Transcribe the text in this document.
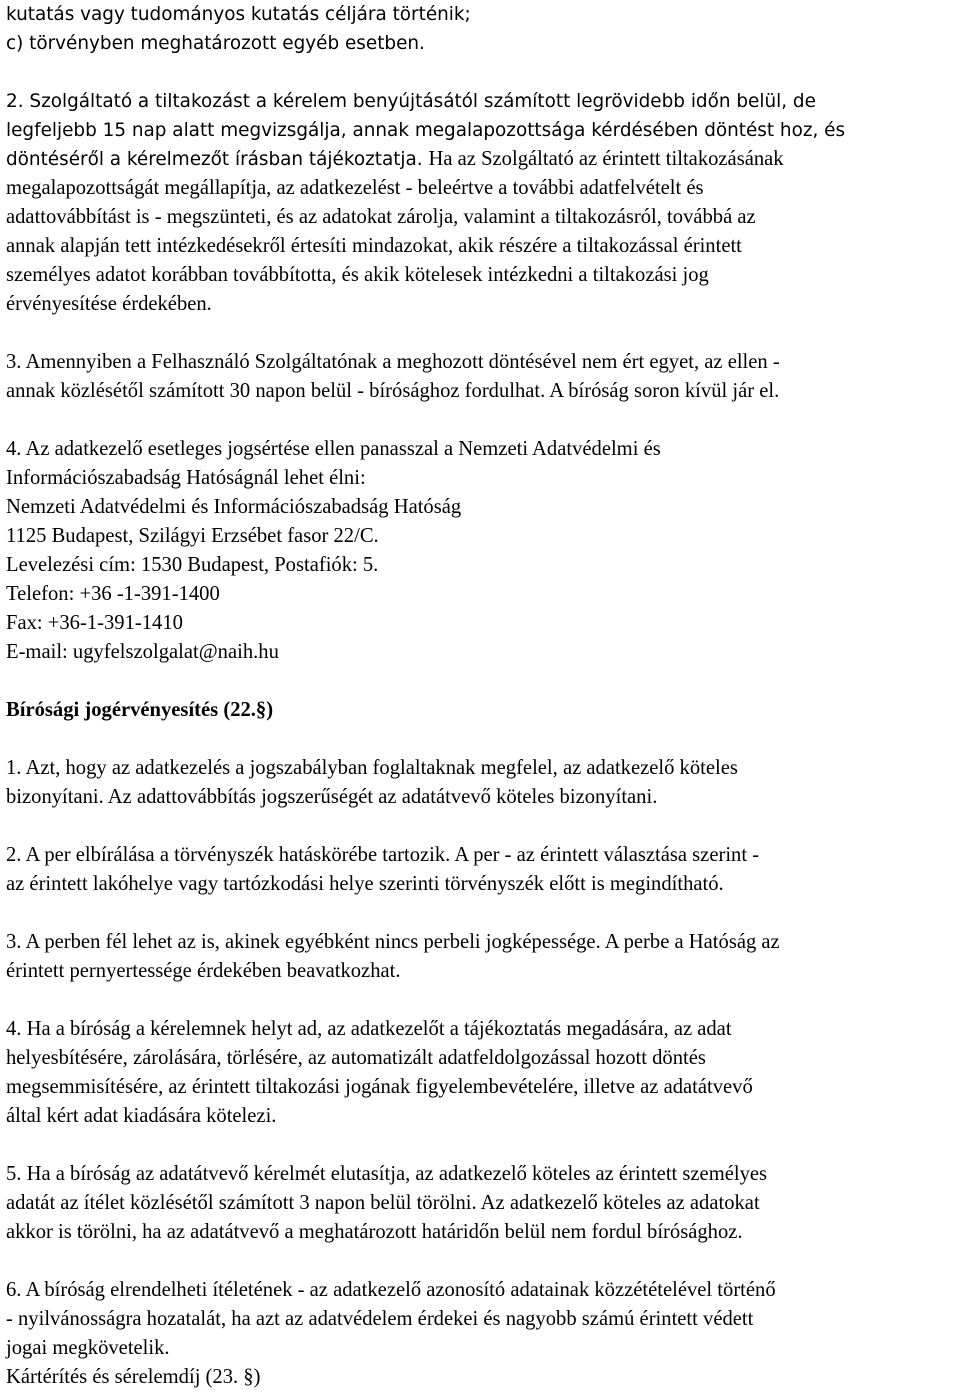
kutatás vagy tudományos kutatás céljára történik;
c) törvényben meghatározott egyéb esetben.
2. Szolgáltató a tiltakozást a kérelem benyújtásától számított legrövidebb időn belül, de
legfeljebb 15 nap alatt megvizsgálja, annak megalapozottsága kérdésében döntést hoz, és
döntéséről a kérelmezőt írásban tájékoztatja. Ha az Szolgáltató az érintett tiltakozásának
megalapozottságát megállapítja, az adatkezelést - beleértve a további adatfelvételt és
adattovábbítást is - megszünteti, és az adatokat zárolja, valamint a tiltakozásról, továbbá az
annak alapján tett intézkedésekről értesíti mindazokat, akik részére a tiltakozással érintett
személyes adatot korábban továbbította, és akik kötelesek intézkedni a tiltakozási jog
érvényesítése érdekében.
3. Amennyiben a Felhasználó Szolgáltatónak a meghozott döntésével nem ért egyet, az ellen -
annak közlésétől számított 30 napon belül - bírósághoz fordulhat. A bíróság soron kívül jár el.
4. Az adatkezelő esetleges jogsértése ellen panasszal a Nemzeti Adatvédelmi és
Információszabadság Hatóságnál lehet élni:
Nemzeti Adatvédelmi és Információszabadság Hatóság
1125 Budapest, Szilágyi Erzsébet fasor 22/C.
Levelezési cím: 1530 Budapest, Postafiók: 5.
Telefon: +36 -1-391-1400
Fax: +36-1-391-1410
E-mail: ugyfelszolgalat@naih.hu
Bírósági jogérvényesítés (22.§)
1. Azt, hogy az adatkezelés a jogszabályban foglaltaknak megfelel, az adatkezelő köteles
bizonyítani. Az adattovábbítás jogszerűségét az adatátvevő köteles bizonyítani.
2. A per elbírálása a törvényszék hatáskörébe tartozik. A per - az érintett választása szerint -
az érintett lakóhelye vagy tartózkodási helye szerinti törvényszék előtt is megindítható.
3. A perben fél lehet az is, akinek egyébként nincs perbeli jogképessége. A perbe a Hatóság az
érintett pernyertessége érdekében beavatkozhat.
4. Ha a bíróság a kérelemnek helyt ad, az adatkezelőt a tájékoztatás megadására, az adat
helyesbítésére, zárolására, törlésére, az automatizált adatfeldolgozással hozott döntés
megsemmisítésére, az érintett tiltakozási jogának figyelembevételére, illetve az adatátvevő
által kért adat kiadására kötelezi.
5. Ha a bíróság az adatátvevő kérelmét elutasítja, az adatkezelő köteles az érintett személyes
adatát az ítélet közlésétől számított 3 napon belül törölni. Az adatkezelő köteles az adatokat
akkor is törölni, ha az adatátvevő a meghatározott határidőn belül nem fordul bírósághoz.
6. A bíróság elrendelheti ítéletének - az adatkezelő azonosító adatainak közzétételével történő
- nyilvánosságra hozatalát, ha azt az adatvédelem érdekei és nagyobb számú érintett védett
jogai megkövetelik.
Kártérítés és sérelemdíj (23. §)
